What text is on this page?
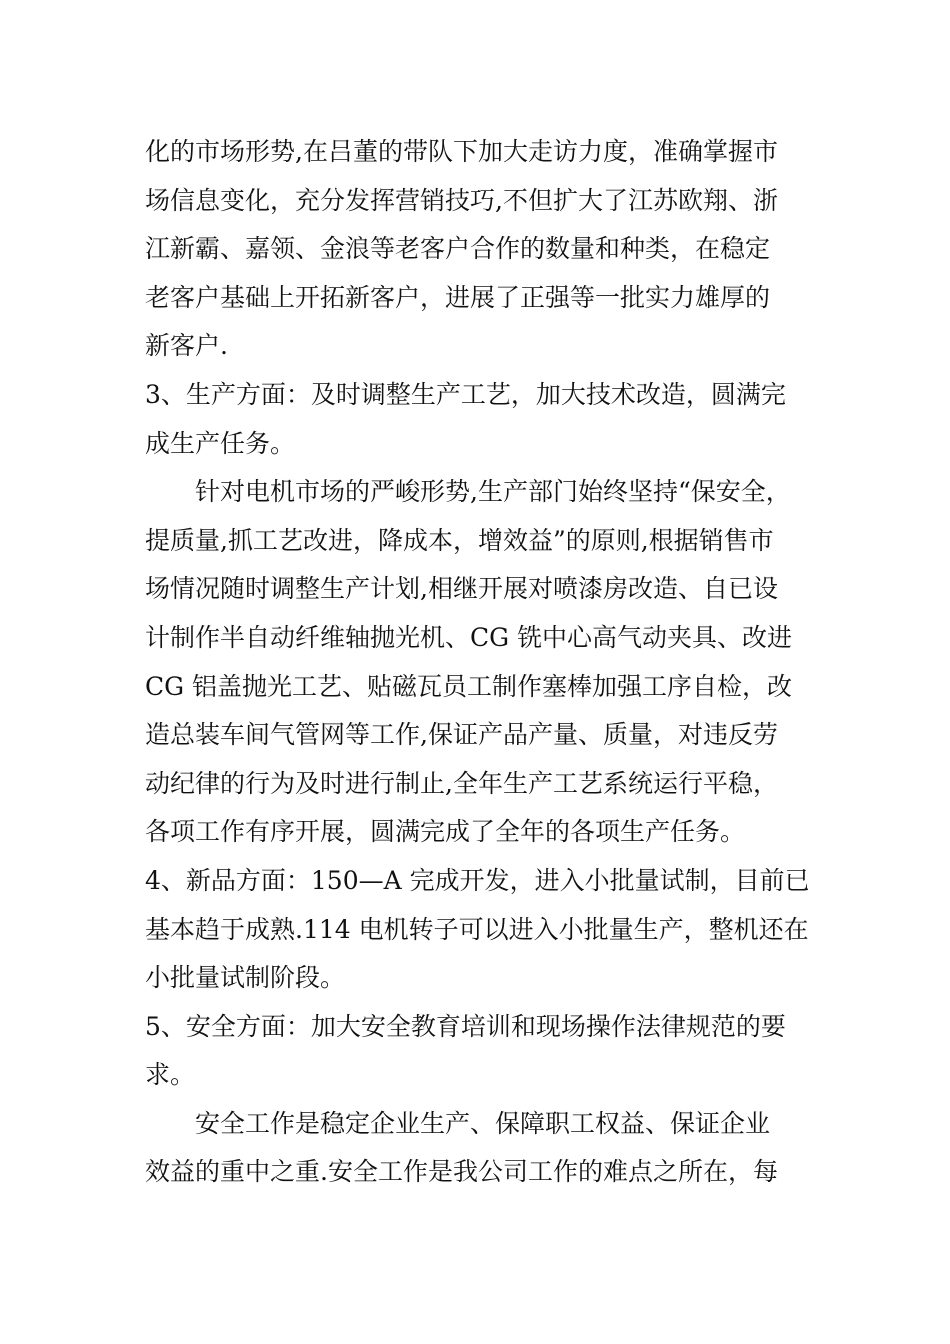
化的市场形势,在吕董的带队下加大走访力度，准确掌握市
场信息变化，充分发挥营销技巧,不但扩大了江苏欧翔、浙
江新霸、嘉领、金浪等老客户合作的数量和种类，在稳定
老客户基础上开拓新客户，进展了正强等一批实力雄厚的
新客户.
3、生产方面：及时调整生产工艺，加大技术改造，圆满完
成生产任务。
针对电机市场的严峻形势,生产部门始终坚持“保安全，
提质量,抓工艺改进，降成本，增效益”的原则,根据销售市
场情况随时调整生产计划,相继开展对喷漆房改造、自已设
计制作半自动纤维轴抛光机、CG 铣中心高气动夹具、改进
CG 铝盖抛光工艺、贴磁瓦员工制作塞棒加强工序自检，改
造总装车间气管网等工作,保证产品产量、质量，对违反劳
动纪律的行为及时进行制止,全年生产工艺系统运行平稳，
各项工作有序开展，圆满完成了全年的各项生产任务。
4、新品方面：150—A 完成开发，进入小批量试制，目前已
基本趋于成熟.114 电机转子可以进入小批量生产，整机还在
小批量试制阶段。
5、安全方面：加大安全教育培训和现场操作法律规范的要
求。
安全工作是稳定企业生产、保障职工权益、保证企业
效益的重中之重.安全工作是我公司工作的难点之所在，每
